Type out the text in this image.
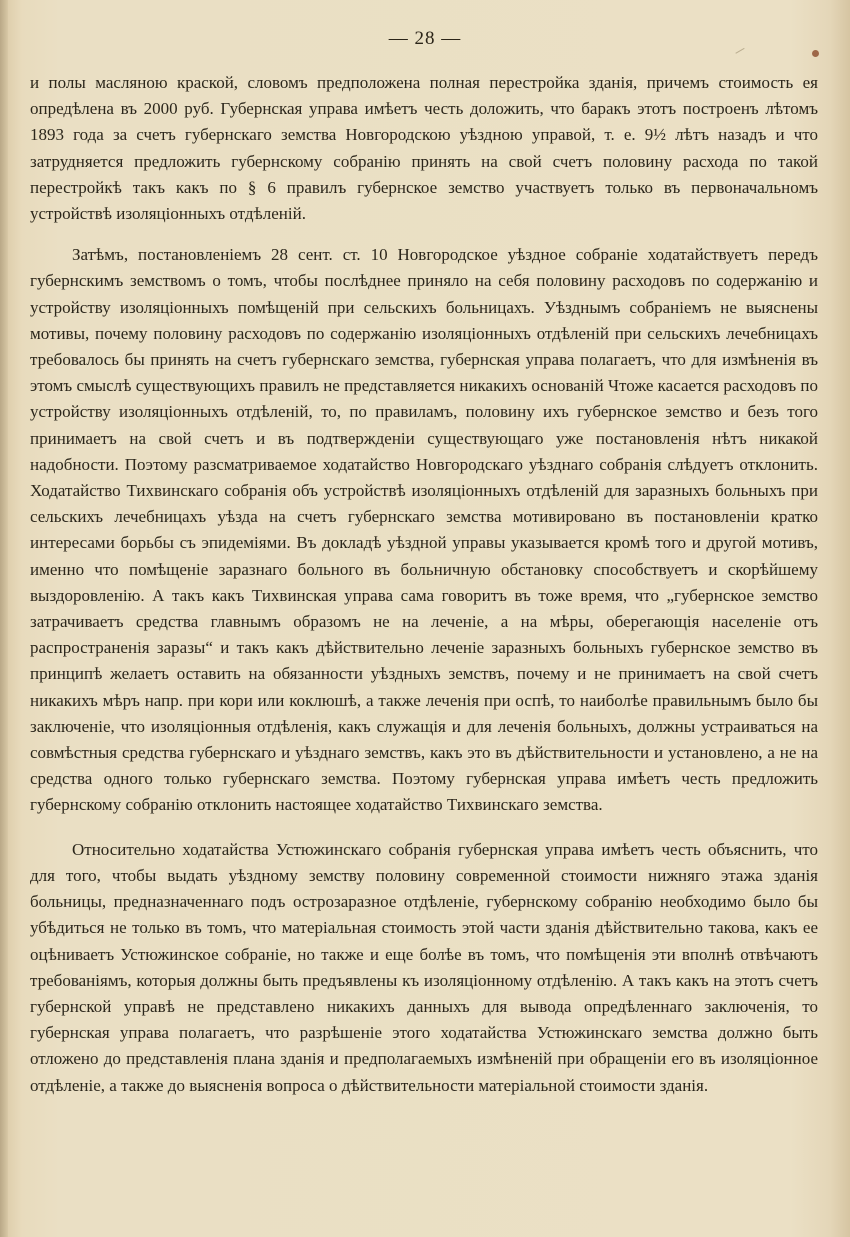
— 28 —

и полы масляною краской, словомъ предположена полная перестройка зданія, причемъ стоимость ея опредѣлена въ 2000 руб. Губернская управа имѣетъ честь доложить, что баракъ этотъ построенъ лѣтомъ 1893 года за счетъ губернскаго земства Новгородскою уѣздною управой, т. е. 9½ лѣтъ назадъ и что затрудняется предложить губернскому собранію принять на свой счетъ половину расхода по такой перестройкѣ такъ какъ по § 6 правилъ губернское земство участвуетъ только въ первоначальномъ устройствѣ изоляціонныхъ отдѣленій.

Затѣмъ, постановленіемъ 28 сент. ст. 10 Новгородское уѣздное собраніе ходатайствуетъ передъ губернскимъ земствомъ о томъ, чтобы послѣднее приняло на себя половину расходовъ по содержанію и устройству изоляціонныхъ помѣщеній при сельскихъ больницахъ. Уѣзднымъ собраніемъ не выяснены мотивы, почему половину расходовъ по содержанію изоляціонныхъ отдѣленій при сельскихъ лечебницахъ требовалось бы принять на счетъ губернскаго земства, губернская управа полагаетъ, что для измѣненія въ этомъ смыслѣ существующихъ правилъ не представляется никакихъ основаній Чтоже касается расходовъ по устройству изоляціонныхъ отдѣленій, то, по правиламъ, половину ихъ губернское земство и безъ того принимаетъ на свой счетъ и въ подтвержденіи существующаго уже постановленія нѣтъ никакой надобности. Поэтому разсматриваемое ходатайство Новгородскаго уѣзднаго собранія слѣдуетъ отклонить. Ходатайство Тихвинскаго собранія объ устройствѣ изоляціонныхъ отдѣленій для заразныхъ больныхъ при сельскихъ лечебницахъ уѣзда на счетъ губернскаго земства мотивировано въ постановленіи кратко интересами борьбы съ эпидеміями. Въ докладѣ уѣздной управы указывается кромѣ того и другой мотивъ, именно что помѣщеніе заразнаго больного въ больничную обстановку способствуетъ и скорѣйшему выздоровленію. А такъ какъ Тихвинская управа сама говоритъ въ тоже время, что „губернское земство затрачиваетъ средства главнымъ образомъ не на леченіе, а на мѣры, оберегающія населеніе отъ распространенія заразы“ и такъ какъ дѣйствительно леченіе заразныхъ больныхъ губернское земство въ принципѣ желаетъ оставить на обязанности уѣздныхъ земствъ, почему и не принимаетъ на свой счетъ никакихъ мѣръ напр. при кори или коклюшѣ, а также леченія при оспѣ, то наиболѣе правильнымъ было бы заключеніе, что изоляціонныя отдѣленія, какъ служащія и для леченія больныхъ, должны устраиваться на совмѣстныя средства губернскаго и уѣзднаго земствъ, какъ это въ дѣйствительности и установлено, а не на средства одного только губернскаго земства. Поэтому губернская управа имѣетъ честь предложить губернскому собранію отклонить настоящее ходатайство Тихвинскаго земства.

Относительно ходатайства Устюжинскаго собранія губернская управа имѣетъ честь объяснить, что для того, чтобы выдать уѣздному земству половину современной стоимости нижняго этажа зданія больницы, предназначеннаго подъ острозаразное отдѣленіе, губернскому собранію необходимо было бы убѣдиться не только въ томъ, что матеріальная стоимость этой части зданія дѣйствительно такова, какъ ее оцѣниваетъ Устюжинское собраніе, но также и еще болѣе въ томъ, что помѣщенія эти вполнѣ отвѣчаютъ требованіямъ, которыя должны быть предъявлены къ изоляціонному отдѣленію. А такъ какъ на этотъ счетъ губернской управѣ не представлено никакихъ данныхъ для вывода опредѣленнаго заключенія, то губернская управа полагаетъ, что разрѣшеніе этого ходатайства Устюжинскаго земства должно быть отложено до представленія плана зданія и предполагаемыхъ измѣненій при обращеніи его въ изоляціонное отдѣленіе, а также до выясненія вопроса о дѣйствительности матеріальной стоимости зданія.
